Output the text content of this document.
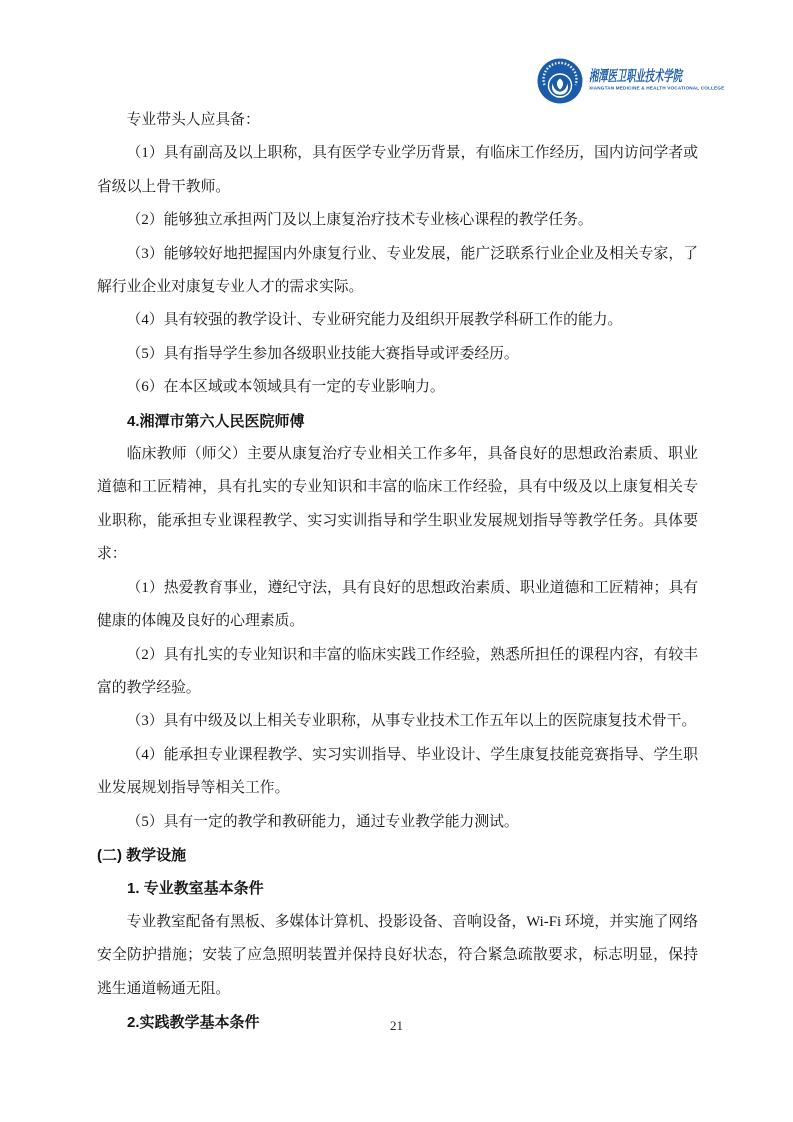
湘潭医卫职业技术学院
XIANGTAN MEDICINE & HEALTH VOCATIONAL COLLEGE

专业带头人应具备：

（1）具有副高及以上职称，具有医学专业学历背景，有临床工作经历，国内访问学者或省级以上骨干教师。

（2）能够独立承担两门及以上康复治疗技术专业核心课程的教学任务。

（3）能够较好地把握国内外康复行业、专业发展，能广泛联系行业企业及相关专家，了解行业企业对康复专业人才的需求实际。

（4）具有较强的教学设计、专业研究能力及组织开展教学科研工作的能力。

（5）具有指导学生参加各级职业技能大赛指导或评委经历。

（6）在本区域或本领域具有一定的专业影响力。

4.湘潭市第六人民医院师傅

临床教师（师父）主要从康复治疗专业相关工作多年，具备良好的思想政治素质、职业道德和工匠精神，具有扎实的专业知识和丰富的临床工作经验，具有中级及以上康复相关专业职称，能承担专业课程教学、实习实训指导和学生职业发展规划指导等教学任务。具体要求：

（1）热爱教育事业，遵纪守法，具有良好的思想政治素质、职业道德和工匠精神；具有健康的体魄及良好的心理素质。

（2）具有扎实的专业知识和丰富的临床实践工作经验，熟悉所担任的课程内容，有较丰富的教学经验。

（3）具有中级及以上相关专业职称，从事专业技术工作五年以上的医院康复技术骨干。

（4）能承担专业课程教学、实习实训指导、毕业设计、学生康复技能竞赛指导、学生职业发展规划指导等相关工作。

（5）具有一定的教学和教研能力，通过专业教学能力测试。

(二) 教学设施

1. 专业教室基本条件

专业教室配备有黑板、多媒体计算机、投影设备、音响设备，Wi-Fi 环境，并实施了网络安全防护措施；安装了应急照明装置并保持良好状态，符合紧急疏散要求，标志明显，保持逃生通道畅通无阻。

2.实践教学基本条件	21
